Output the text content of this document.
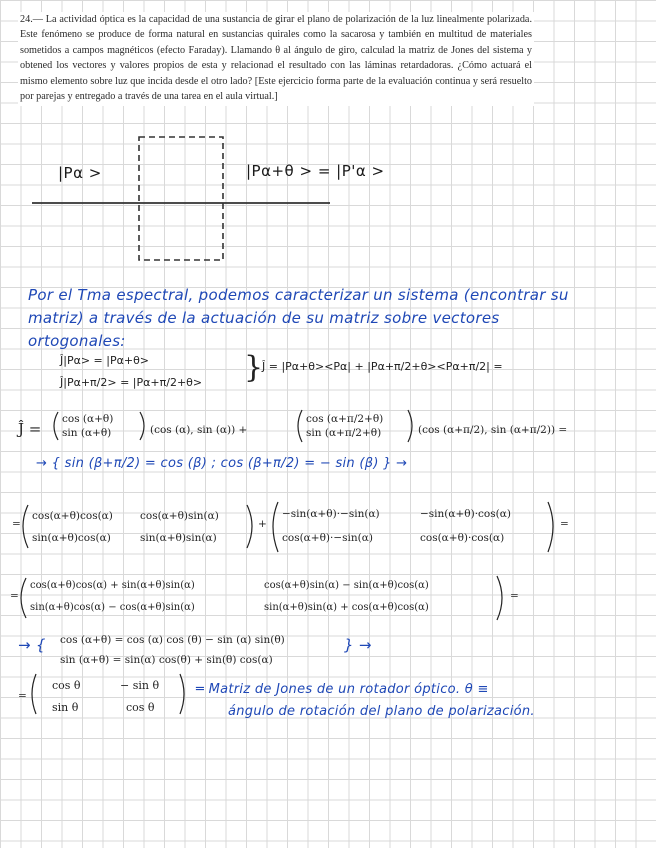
24.— La actividad óptica es la capacidad de una sustancia de girar el plano de polarización de la luz linealmente polarizada. Este fenómeno se produce de forma natural en sustancias quirales como la sacarosa y también en multitud de materiales sometidos a campos magnéticos (efecto Faraday). Llamando θ al ángulo de giro, calculad la matriz de Jones del sistema y obtened los vectores y valores propios de esta y relacionad el resultado con las láminas retardadoras. ¿Cómo actuará el mismo elemento sobre luz que incida desde el otro lado? [Este ejercicio forma parte de la evaluación continua y será resuelto por parejas y entregado a través de una tarea en el aula virtual.]
|Pα >	|Pα+θ > = |P'α >
Por el Tma espectral, podemos caracterizar un sistema (encontrar su
matriz) a través de la actuación de su matriz sobre vectores
ortogonales:
Ĵ|Pα> = |Pα+θ>
Ĵ|Pα+π/2> = |Pα+π/2+θ> }
Ĵ = |Pα+θ><Pα| + |Pα+π/2+θ><Pα+π/2| =
Ĵ =
cos (α+θ)
sin (α+θ)	(cos (α), sin (α)) +
cos (α+π/2+θ)
sin (α+π/2+θ)	(cos (α+π/2), sin (α+π/2)) =
→ { sin (β+π/2) = cos (β) ; cos (β+π/2) = − sin (β) } →
=
cos(α+θ)cos(α)	cos(α+θ)sin(α)
sin(α+θ)cos(α)	sin(α+θ)sin(α)
+
−sin(α+θ)·−sin(α)	−sin(α+θ)·cos(α)
cos(α+θ)·−sin(α)	cos(α+θ)·cos(α)
=
=
cos(α+θ)cos(α) + sin(α+θ)sin(α)	cos(α+θ)sin(α) − sin(α+θ)cos(α)
sin(α+θ)cos(α) − cos(α+θ)sin(α)	sin(α+θ)sin(α) + cos(α+θ)cos(α)
=
→ { cos (α+θ) = cos (α) cos (θ) − sin (α) sin(θ)
sin (α+θ) = sin(α) cos(θ) + sin(θ) cos(α)
} →
=
cos θ	− sin θ
sin θ	cos θ
═ Matriz de Jones de un rotador óptico. θ ≡
ángulo de rotación del plano de polarización.
